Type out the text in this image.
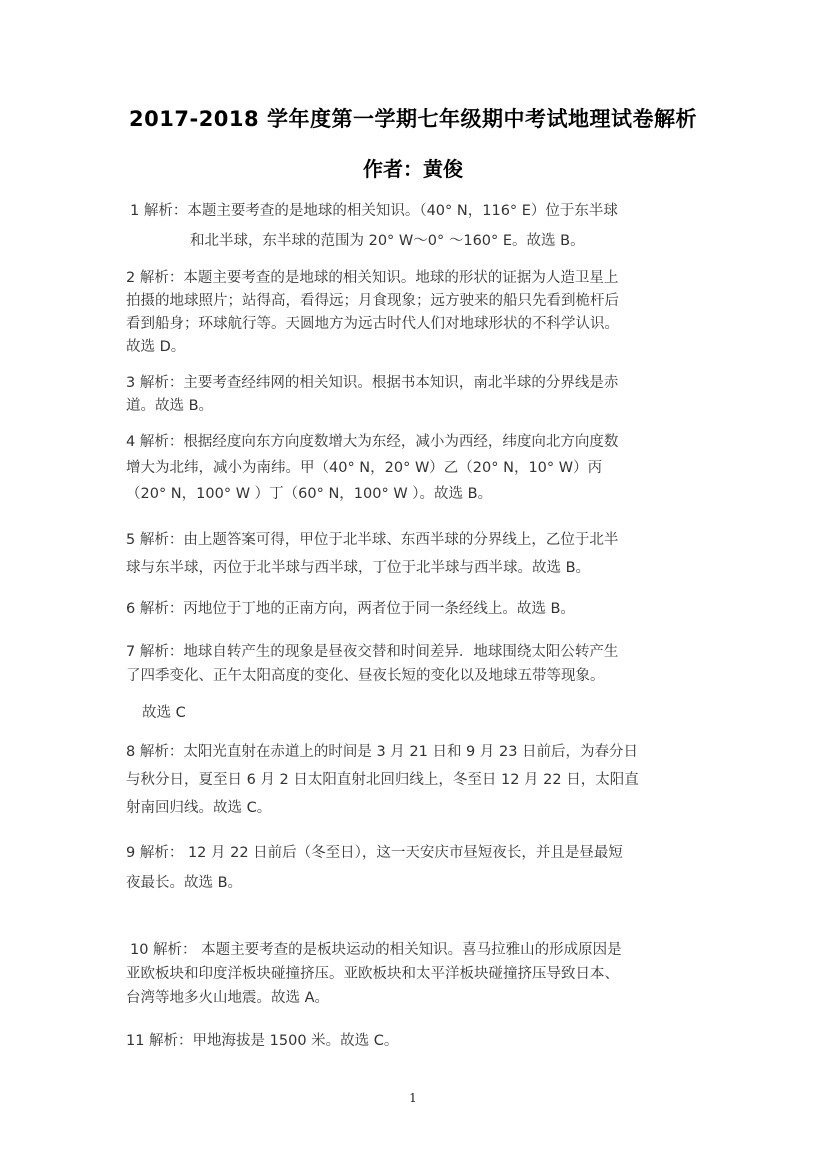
2017-2018 学年度第一学期七年级期中考试地理试卷解析
作者：黄俊
1 解析：本题主要考查的是地球的相关知识。（40° N，116° E）位于东半球
和北半球，东半球的范围为 20° W～0° ～160° E。故选 B。
2 解析：本题主要考查的是地球的相关知识。地球的形状的证据为人造卫星上
拍摄的地球照片；站得高，看得远；月食现象；远方驶来的船只先看到桅杆后
看到船身；环球航行等。天圆地方为远古时代人们对地球形状的不科学认识。
故选 D。
3 解析：主要考查经纬网的相关知识。根据书本知识，南北半球的分界线是赤
道。故选 B。
4 解析：根据经度向东方向度数增大为东经，减小为西经，纬度向北方向度数
增大为北纬，减小为南纬。甲（40° N，20° W）乙（20° N，10° W）丙
（20° N，100° W ）丁（60° N，100° W ）。故选 B。
5 解析：由上题答案可得，甲位于北半球、东西半球的分界线上，乙位于北半
球与东半球，丙位于北半球与西半球，丁位于北半球与西半球。故选 B。
6 解析：丙地位于丁地的正南方向，两者位于同一条经线上。故选 B。
7 解析：地球自转产生的现象是昼夜交替和时间差异．地球围绕太阳公转产生
了四季变化、正午太阳高度的变化、昼夜长短的变化以及地球五带等现象。
故选 C
8 解析：太阳光直射在赤道上的时间是 3 月 21 日和 9 月 23 日前后，为春分日
与秋分日，夏至日 6 月 2 日太阳直射北回归线上，冬至日 12 月 22 日，太阳直
射南回归线。故选 C。
9 解析： 12 月 22 日前后（冬至日），这一天安庆市昼短夜长，并且是昼最短
夜最长。故选 B。
10 解析： 本题主要考查的是板块运动的相关知识。喜马拉雅山的形成原因是
亚欧板块和印度洋板块碰撞挤压。亚欧板块和太平洋板块碰撞挤压导致日本、
台湾等地多火山地震。故选 A。
11 解析：甲地海拔是 1500 米。故选 C。
1
